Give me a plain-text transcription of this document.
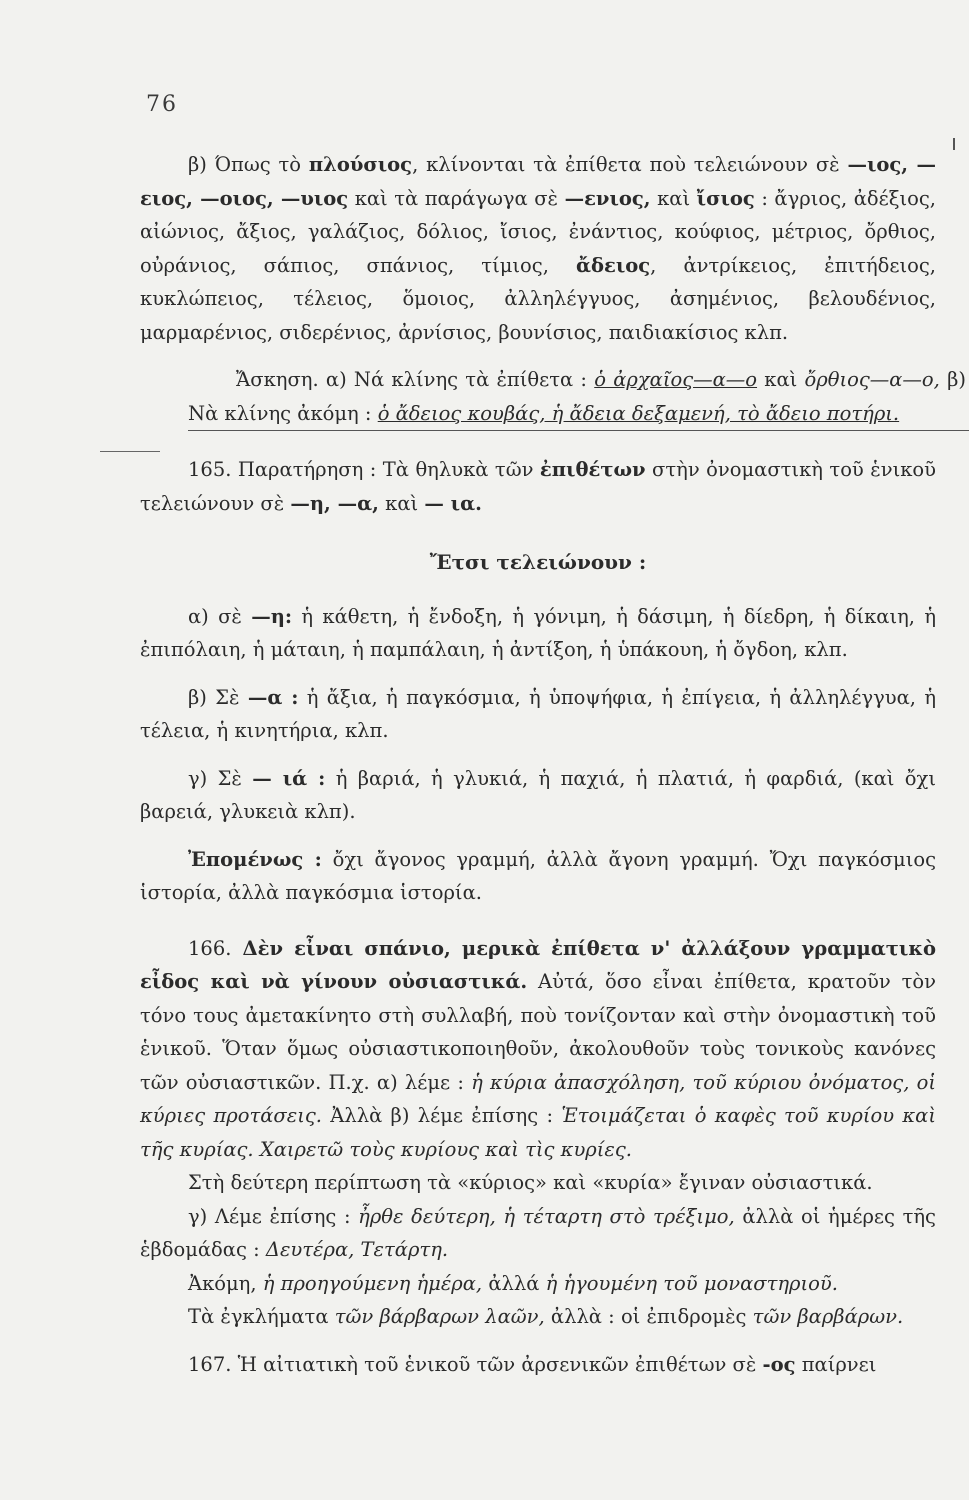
76

β) Όπως τὸ πλούσιος, κλίνονται τὰ ἐπίθετα ποὺ τελειώνουν σὲ —ιος, —ειος, —οιος, —υιος καὶ τὰ παράγωγα σὲ —ενιος, καὶ ἴσιος : ἄγριος, ἀδέξιος, αἰώνιος, ἄξιος, γαλάζιος, δόλιος, ἴσιος, ἐνάντιος, κούφιος, μέτριος, ὄρθιος, οὐράνιος, σάπιος, σπάνιος, τίμιος, ἄδειος, ἀντρίκειος, ἐπιτήδειος, κυκλώπειος, τέλειος, ὅμοιος, ἀλληλέγγυος, ἀσημένιος, βελουδένιος, μαρμαρένιος, σιδερένιος, ἀρνίσιος, βουνίσιος, παιδιακίσιος κλπ.

Ἄσκηση. α) Νά κλίνης τὰ ἐπίθετα : ὁ ἀρχαῖος—α—ο καὶ ὄρθιος—α—ο, β) Νὰ κλίνης ἀκόμη : ὁ ἄδειος κουβάς, ἡ ἄδεια δεξαμενή, τὸ ἄδειο ποτήρι.

165. Παρατήρηση : Τὰ θηλυκὰ τῶν ἐπιθέτων στὴν ὀνομαστικὴ τοῦ ἑνικοῦ τελειώνουν σὲ —η, —α, καὶ — ια.

Ἔτσι τελειώνουν :

α) σὲ —η: ἡ κάθετη, ἡ ἔνδοξη, ἡ γόνιμη, ἡ δάσιμη, ἡ δίεδρη, ἡ δίκαιη, ἡ ἐπιπόλαιη, ἡ μάταιη, ἡ παμπάλαιη, ἡ ἀντίξοη, ἡ ὑπάκουη, ἡ ὄγδοη, κλπ.

β) Σὲ —α : ἡ ἄξια, ἡ παγκόσμια, ἡ ὑποψήφια, ἡ ἐπίγεια, ἡ ἀλληλέγγυα, ἡ τέλεια, ἡ κινητήρια, κλπ.

γ) Σὲ — ιά : ἡ βαριά, ἡ γλυκιά, ἡ παχιά, ἡ πλατιά, ἡ φαρδιά, (καὶ ὄχι βαρειά, γλυκειὰ κλπ).

Ἐπομένως : ὄχι ἄγονος γραμμή, ἀλλὰ ἄγονη γραμμή. Ὄχι παγκόσμιος ἱστορία, ἀλλὰ παγκόσμια ἱστορία.

166. Δὲν εἶναι σπάνιο, μερικὰ ἐπίθετα ν' ἀλλάξουν γραμματικὸ εἶδος καὶ νὰ γίνουν οὐσιαστικά. Αὐτά, ὅσο εἶναι ἐπίθετα, κρατοῦν τὸν τόνο τους ἀμετακίνητο στὴ συλλαβή, ποὺ τονίζονταν καὶ στὴν ὀνομαστικὴ τοῦ ἑνικοῦ. Ὅταν ὅμως οὐσιαστικοποιηθοῦν, ἀκολουθοῦν τοὺς τονικοὺς κανόνες τῶν οὐσιαστικῶν. Π.χ. α) λέμε : ἡ κύρια ἀπασχόληση, τοῦ κύριου ὀνόματος, οἱ κύριες προτάσεις. Ἀλλὰ β) λέμε ἐπίσης : Ἑτοιμάζεται ὁ καφὲς τοῦ κυρίου καὶ τῆς κυρίας. Χαιρετῶ τοὺς κυρίους καὶ τὶς κυρίες.

Στὴ δεύτερη περίπτωση τὰ «κύριος» καὶ «κυρία» ἔγιναν οὐσιαστικά.

γ) Λέμε ἐπίσης : ἦρθε δεύτερη, ἡ τέταρτη στὸ τρέξιμο, ἀλλὰ οἱ ἡμέρες τῆς ἑβδομάδας : Δευτέρα, Τετάρτη.

Ἀκόμη, ἡ προηγούμενη ἡμέρα, ἀλλά ἡ ἡγουμένη τοῦ μοναστηριοῦ.

Τὰ ἐγκλήματα τῶν βάρβαρων λαῶν, ἀλλὰ : οἱ ἐπιδρομὲς τῶν βαρβάρων.

167. Ἡ αἰτιατικὴ τοῦ ἑνικοῦ τῶν ἀρσενικῶν ἐπιθέτων σὲ -ος παίρνει
